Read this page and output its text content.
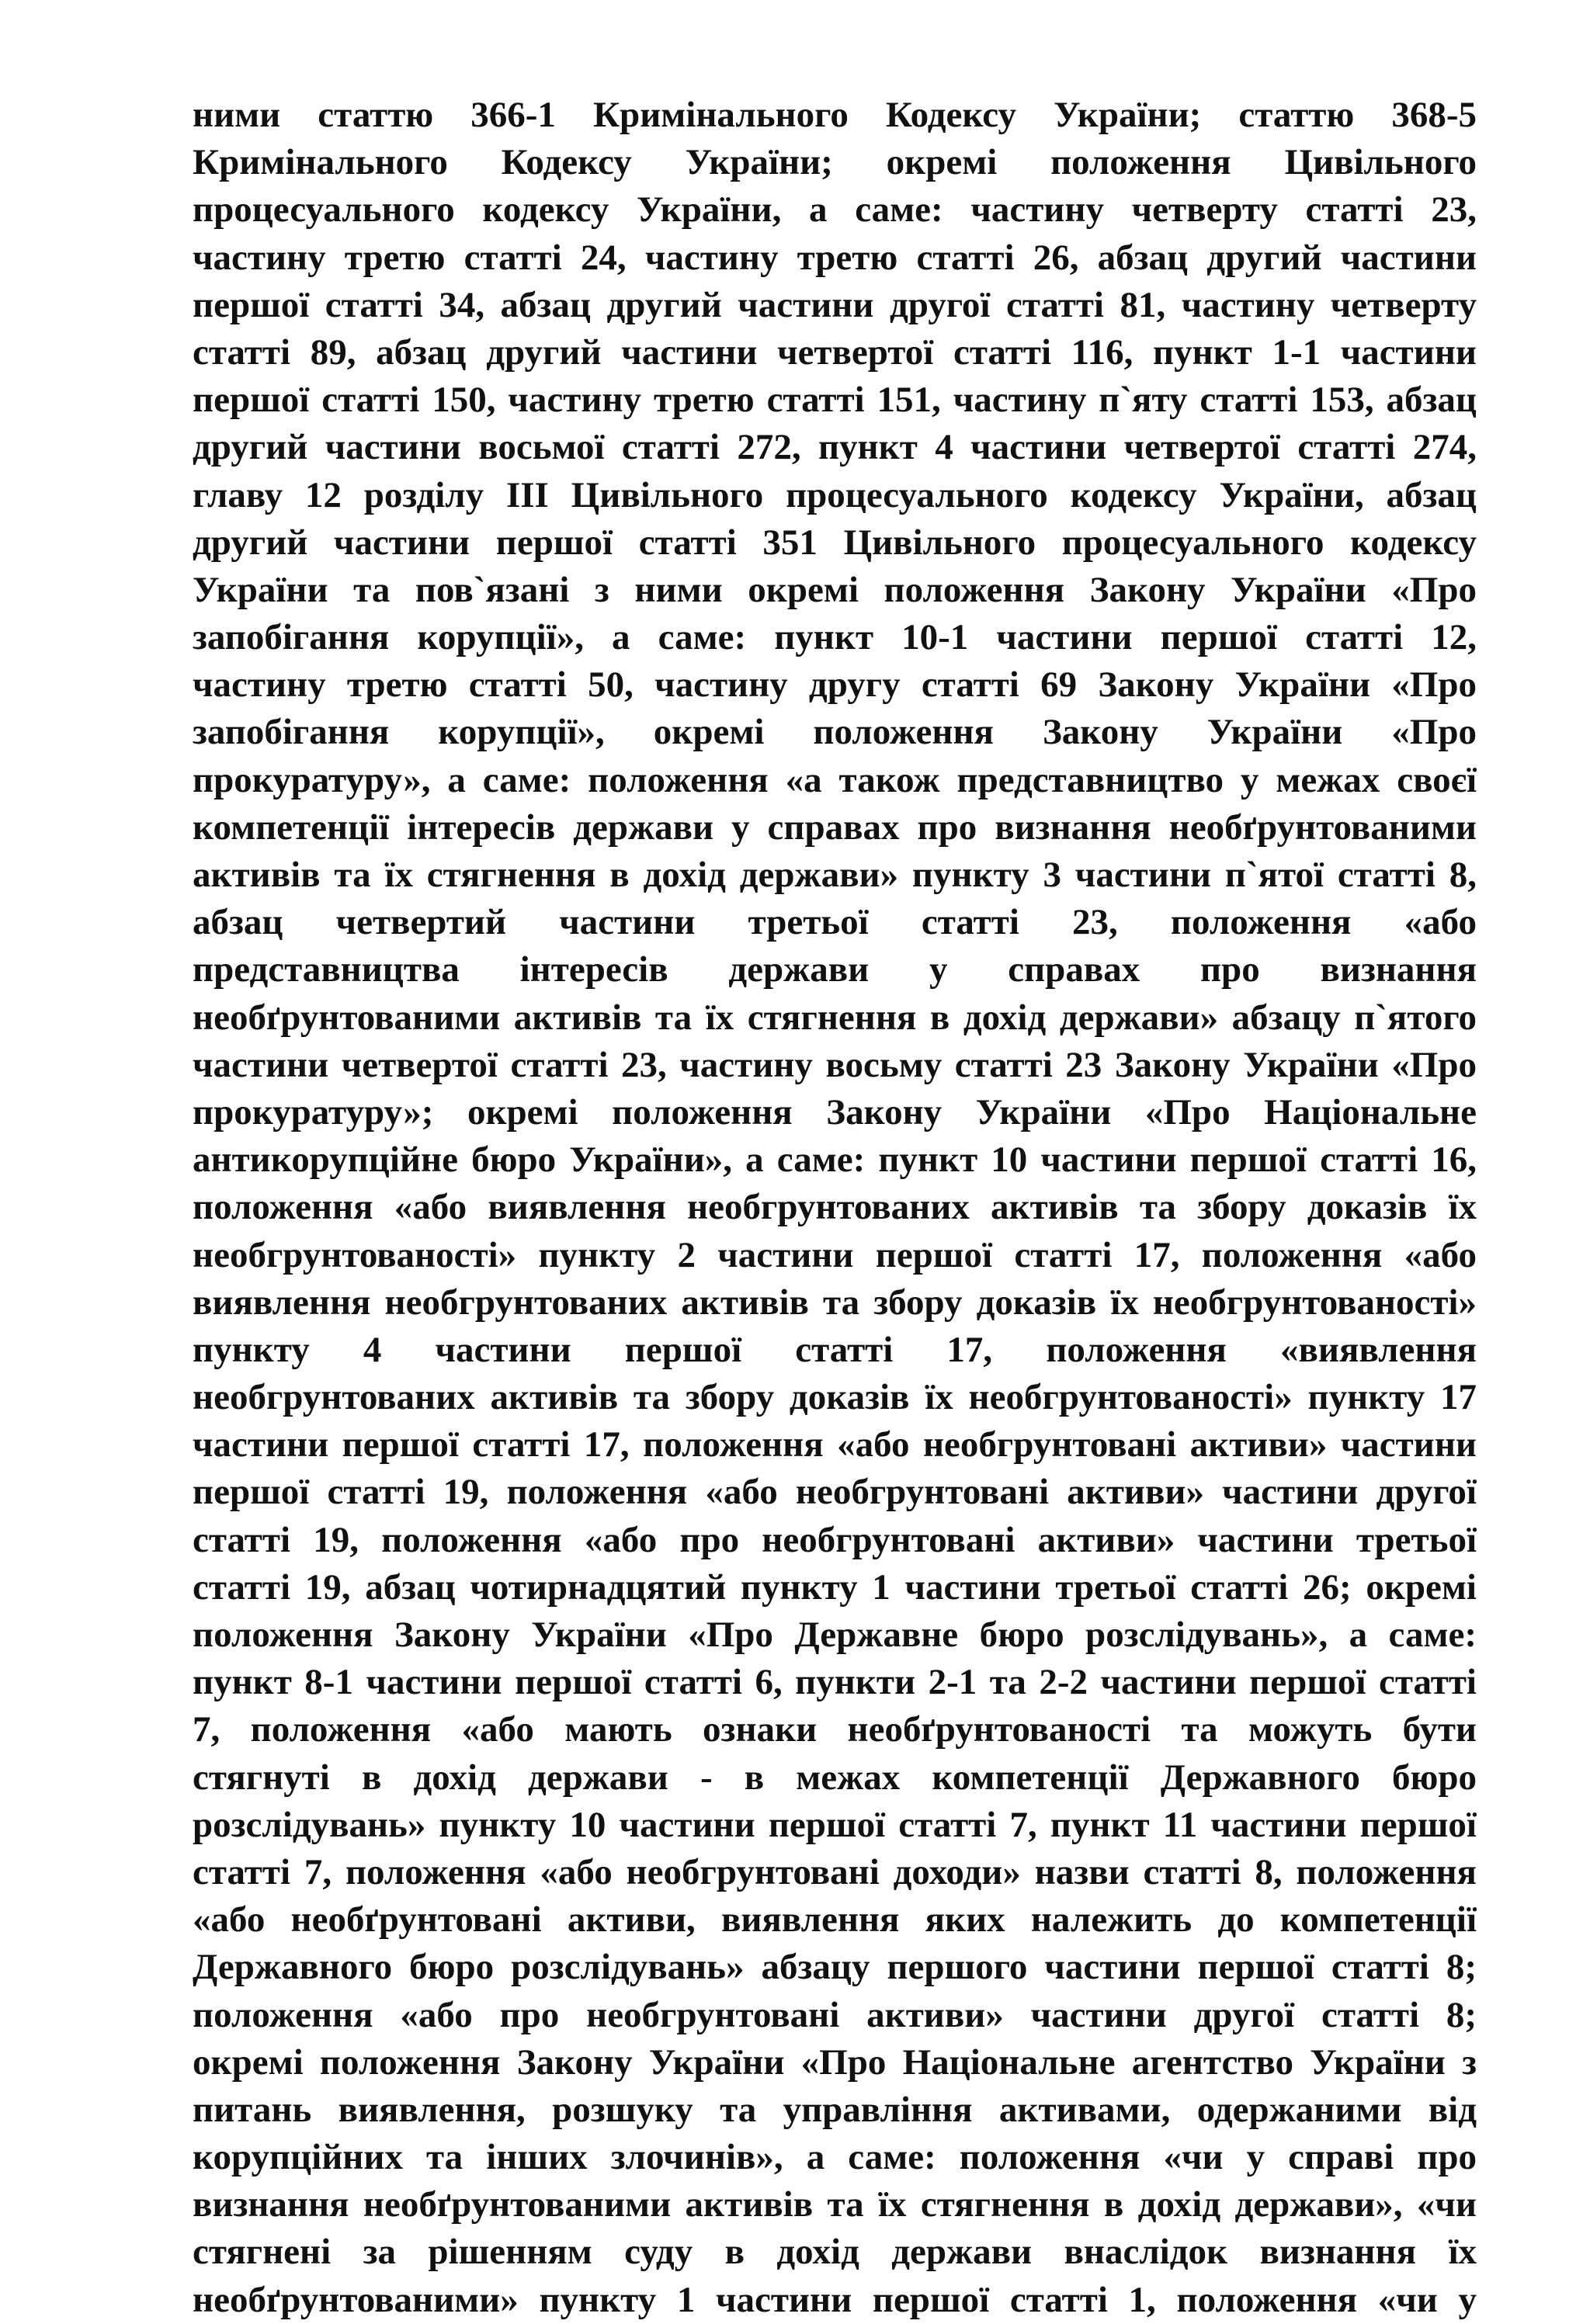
ними статтю 366-1 Кримінального Кодексу України; статтю 368-5
Кримінального Кодексу України; окремі положення Цивільного
процесуального кодексу України, а саме: частину четверту статті 23,
частину третю статті 24, частину третю статті 26, абзац другий частини
першої статті 34, абзац другий частини другої статті 81, частину четверту
статті 89, абзац другий частини четвертої статті 116, пункт 1-1 частини
першої статті 150, частину третю статті 151, частину п`яту статті 153, абзац
другий частини восьмої статті 272, пункт 4 частини четвертої статті 274,
главу 12 розділу III Цивільного процесуального кодексу України, абзац
другий частини першої статті 351 Цивільного процесуального кодексу
України та пов`язані з ними окремі положення Закону України «Про
запобігання корупції», а саме: пункт 10-1 частини першої статті 12,
частину третю статті 50, частину другу статті 69 Закону України «Про
запобігання корупції», окремі положення Закону України «Про
прокуратуру», а саме: положення «а також представництво у межах своєї
компетенції інтересів держави у справах про визнання необґрунтованими
активів та їх стягнення в дохід держави» пункту 3 частини п`ятої статті 8,
абзац четвертий частини третьої статті 23, положення «або
представництва інтересів держави у справах про визнання
необґрунтованими активів та їх стягнення в дохід держави» абзацу п`ятого
частини четвертої статті 23, частину восьму статті 23 Закону України «Про
прокуратуру»; окремі положення Закону України «Про Національне
антикорупційне бюро України», а саме: пункт 10 частини першої статті 16,
положення «або виявлення необгрунтованих активів та збору доказів їх
необгрунтованості» пункту 2 частини першої статті 17, положення «або
виявлення необгрунтованих активів та збору доказів їх необгрунтованості»
пункту 4 частини першої статті 17, положення «виявлення
необгрунтованих активів та збору доказів їх необгрунтованості» пункту 17
частини першої статті 17, положення «або необгрунтовані активи» частини
першої статті 19, положення «або необгрунтовані активи» частини другої
статті 19, положення «або про необгрунтовані активи» частини третьої
статті 19, абзац чотирнадцятий пункту 1 частини третьої статті 26; окремі
положення Закону України «Про Державне бюро розслідувань», а саме:
пункт 8-1 частини першої статті 6, пункти 2-1 та 2-2 частини першої статті
7, положення «або мають ознаки необґрунтованості та можуть бути
стягнуті в дохід держави - в межах компетенції Державного бюро
розслідувань» пункту 10 частини першої статті 7, пункт 11 частини першої
статті 7, положення «або необгрунтовані доходи» назви статті 8, положення
«або необґрунтовані активи, виявлення яких належить до компетенції
Державного бюро розслідувань» абзацу першого частини першої статті 8;
положення «або про необгрунтовані активи» частини другої статті 8;
окремі положення Закону України «Про Національне агентство України з
питань виявлення, розшуку та управління активами, одержаними від
корупційних та інших злочинів», а саме: положення «чи у справі про
визнання необґрунтованими активів та їх стягнення в дохід держави», «чи
стягнені за рішенням суду в дохід держави внаслідок визнання їх
необґрунтованими» пункту 1 частини першої статті 1, положення «чи у
